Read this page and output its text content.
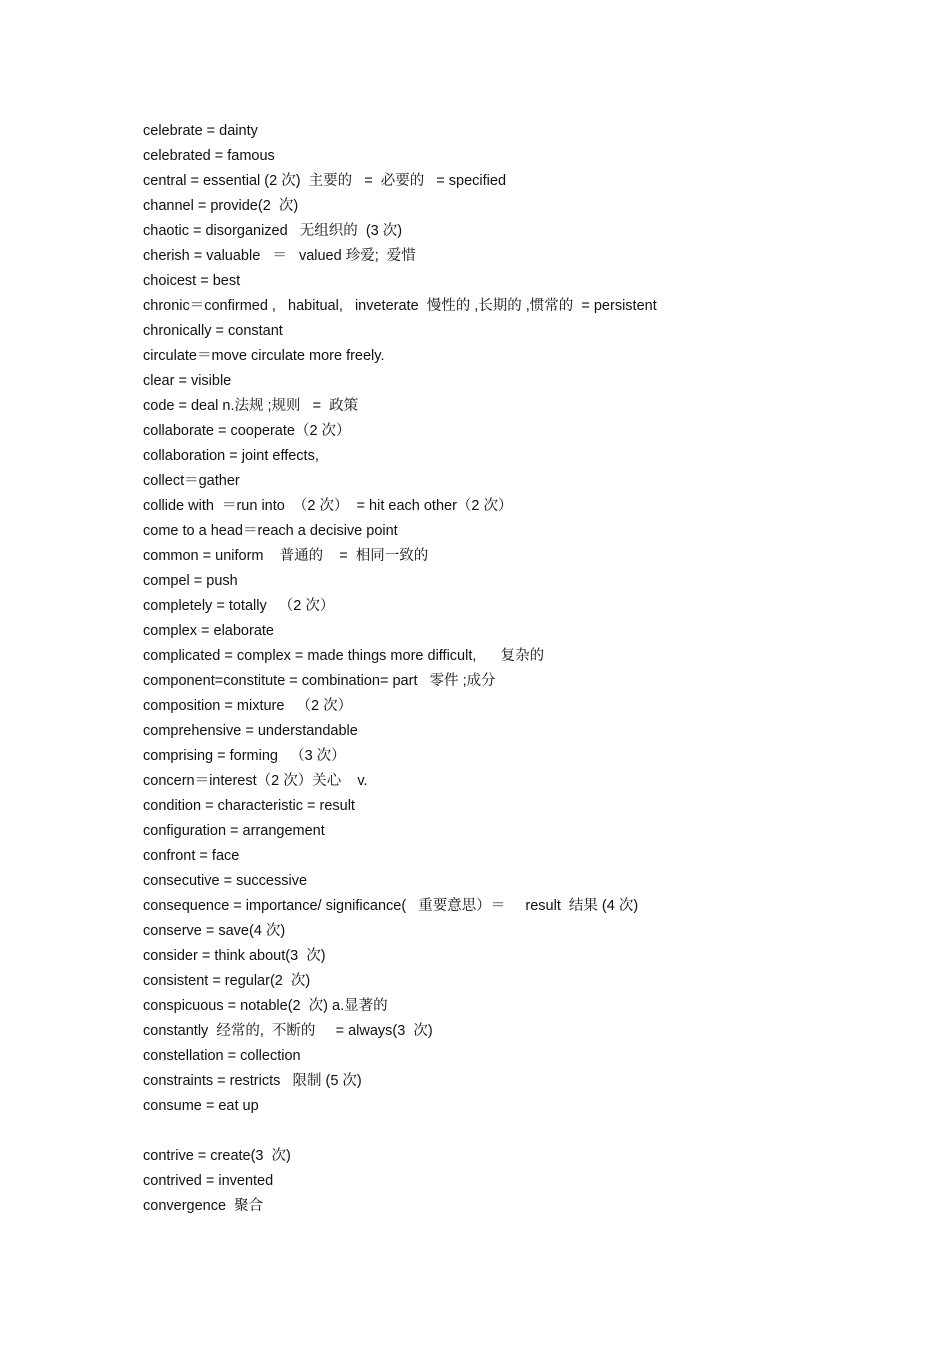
celebrate = dainty
celebrated = famous
central = essential (2 次)  主要的   =  必要的   = specified
channel = provide(2  次)
chaotic = disorganized   无组织的  (3 次)
cherish = valuable   ＝   valued 珍爱;  爱惜
choicest = best
chronic＝confirmed ,   habitual,   inveterate  慢性的 ,长期的 ,惯常的  = persistent
chronically = constant
circulate＝move circulate more freely.
clear = visible
code = deal n.法规 ;规则   =  政策
collaborate = cooperate（2 次）
collaboration = joint effects,
collect＝gather
collide with  ＝run into  （2 次）  = hit each other（2 次）
come to a head＝reach a decisive point
common = uniform    普通的    =  相同一致的
compel = push
completely = totally   （2 次）
complex = elaborate
complicated = complex = made things more difficult,      复杂的
component=constitute = combination= part   零件 ;成分
composition = mixture   （2 次）
comprehensive = understandable
comprising = forming   （3 次）
concern＝interest（2 次）关心    v.
condition = characteristic = result
configuration = arrangement
confront = face
consecutive = successive
consequence = importance/ significance(   重要意思）＝     result  结果 (4 次)
conserve = save(4 次)
consider = think about(3  次)
consistent = regular(2  次)
conspicuous = notable(2  次) a.显著的
constantly  经常的,  不断的     = always(3  次)
constellation = collection
constraints = restricts   限制 (5 次)
consume = eat up
contrive = create(3  次)
contrived = invented
convergence  聚合
